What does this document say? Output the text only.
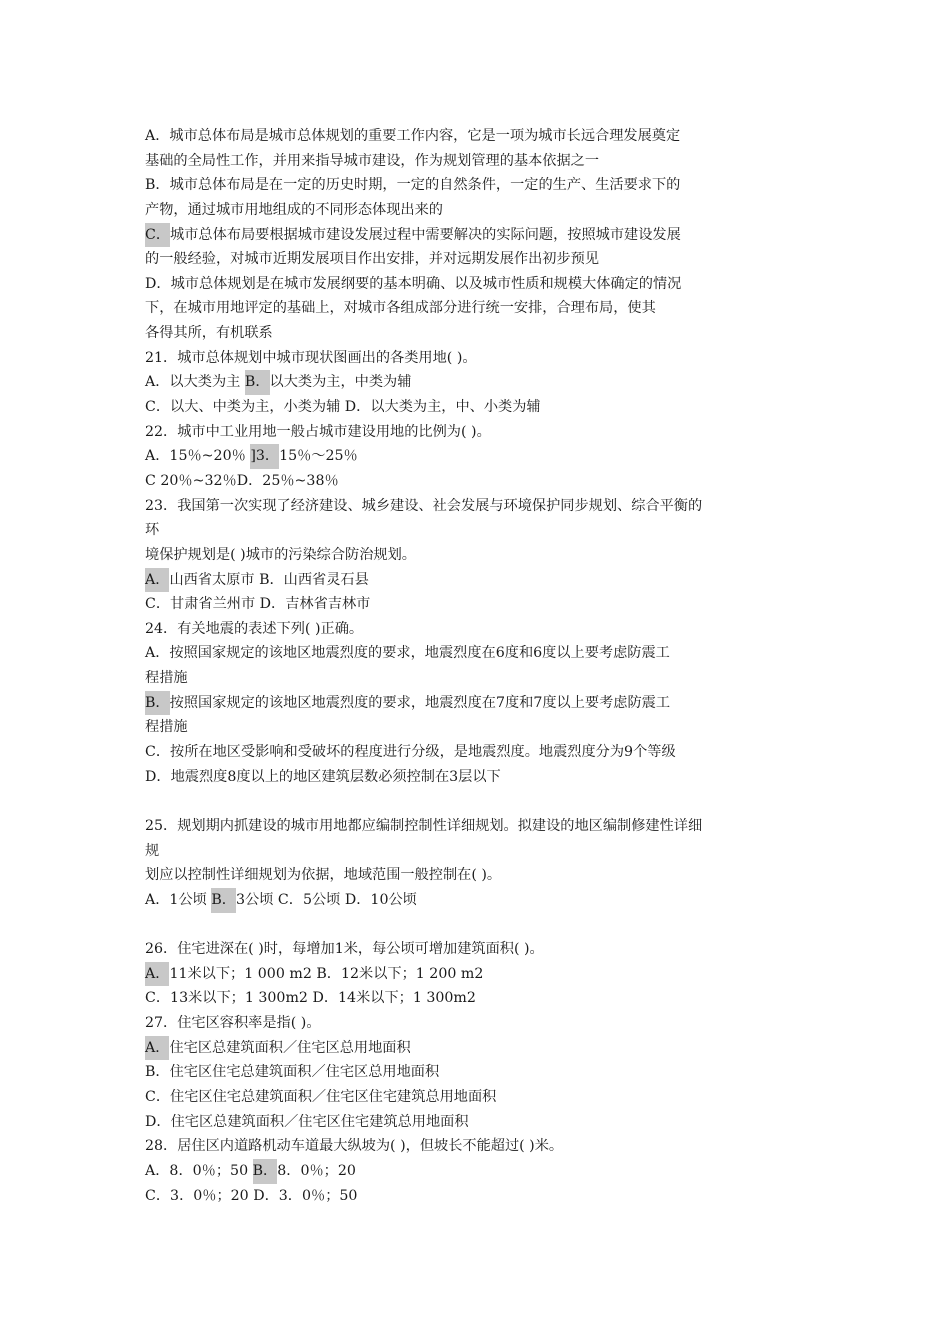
A．城市总体布局是城市总体规划的重要工作内容，它是一项为城市长远合理发展奠定
基础的全局性工作，并用来指导城市建设，作为规划管理的基本依据之一
B．城市总体布局是在一定的历史时期，一定的自然条件，一定的生产、生活要求下的
产物，通过城市用地组成的不同形态体现出来的
C． 城市总体布局要根据城市建设发展过程中需要解决的实际问题，按照城市建设发展
的一般经验，对城市近期发展项目作出安排，并对远期发展作出初步预见
D．城市总体规划是在城市发展纲要的基本明确、以及城市性质和规模大体确定的情况
下，在城市用地评定的基础上，对城市各组成部分进行统一安排，合理布局，使其
各得其所，有机联系
21．城市总体规划中城市现状图画出的各类用地( )。
A．以大类为主 B． 以大类为主，中类为辅
C．以大、中类为主，小类为辅 D．以大类为主，中、小类为辅
22．城市中工业用地一般占城市建设用地的比例为( )。
A．15％~20％ ]3． 15％～25％
C 20％~32％D．25％~38％
23．我国第一次实现了经济建设、城乡建设、社会发展与环境保护同步规划、综合平衡的
环
境保护规划是( )城市的污染综合防治规划。
A． 山西省太原市 B．山西省灵石县
C．甘肃省兰州市 D．吉林省吉林市
24．有关地震的表述下列( )正确。
A．按照国家规定的该地区地震烈度的要求，地震烈度在6度和6度以上要考虑防震工
程措施
B． 按照国家规定的该地区地震烈度的要求，地震烈度在7度和7度以上要考虑防震工
程措施
C．按所在地区受影响和受破坏的程度进行分级，是地震烈度。地震烈度分为9个等级
D．地震烈度8度以上的地区建筑层数必须控制在3层以下
25．规划期内抓建设的城市用地都应编制控制性详细规划。拟建设的地区编制修建性详细
规
划应以控制性详细规划为依据，地域范围一般控制在( )。
A．1公顷 B． 3公顷 C．5公顷 D．10公顷
26．住宅进深在( )时，每增加1米，每公顷可增加建筑面积( )。
A． 11米以下；1 000 m2 B．12米以下；1 200 m2
C．13米以下；1 300m2 D．14米以下；1 300m2
27．住宅区容积率是指( )。
A． 住宅区总建筑面积／住宅区总用地面积
B．住宅区住宅总建筑面积／住宅区总用地面积
C．住宅区住宅总建筑面积／住宅区住宅建筑总用地面积
D．住宅区总建筑面积／住宅区住宅建筑总用地面积
28．居住区内道路机动车道最大纵坡为( )，但坡长不能超过( )米。
A．8．0％；50 B． 8．0％；20
C．3．0％；20 D．3．0％；50
